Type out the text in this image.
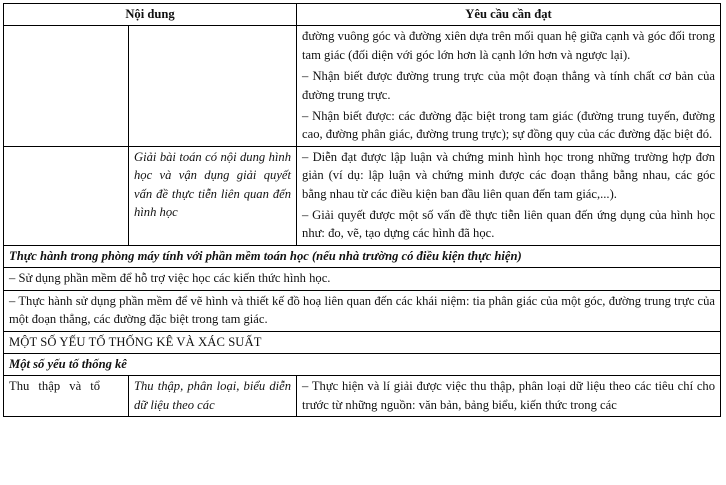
Nội dung		Yêu cầu cần đạt

		đường vuông góc và đường xiên dựa trên mối quan hệ giữa cạnh và góc đối trong tam giác (đối diện với góc lớn hơn là cạnh lớn hơn và ngược lại).

– Nhận biết được đường trung trực của một đoạn thẳng và tính chất cơ bản của đường trung trực.

– Nhận biết được: các đường đặc biệt trong tam giác (đường trung tuyến, đường cao, đường phân giác, đường trung trực); sự đồng quy của các đường đặc biệt đó.

	Giải bài toán có nội dung hình học và vận dụng giải quyết vấn đề thực tiễn liên quan đến hình học	– Diễn đạt được lập luận và chứng minh hình học trong những trường hợp đơn giản (ví dụ: lập luận và chứng minh được các đoạn thẳng bằng nhau, các góc bằng nhau từ các điều kiện ban đầu liên quan đến tam giác,...).

– Giải quyết được một số vấn đề thực tiễn liên quan đến ứng dụng của hình học như: đo, vẽ, tạo dựng các hình đã học.

Thực hành trong phòng máy tính với phần mềm toán học (nếu nhà trường có điều kiện thực hiện)		
– Sử dụng phần mềm để hỗ trợ việc học các kiến thức hình học.		
– Thực hành sử dụng phần mềm để vẽ hình và thiết kế đồ hoạ liên quan đến các khái niệm: tia phân giác của một góc, đường trung trực của một đoạn thẳng, các đường đặc biệt trong tam giác.		
MỘT SỐ YẾU TỐ THỐNG KÊ VÀ XÁC SUẤT		
Một số yếu tố thống kê		
Thu thập và tổ	Thu thập, phân loại, biểu diễn dữ liệu theo các	– Thực hiện và lí giải được việc thu thập, phân loại dữ liệu theo các tiêu chí cho trước từ những nguồn: văn bản, bảng biểu, kiến thức trong các
